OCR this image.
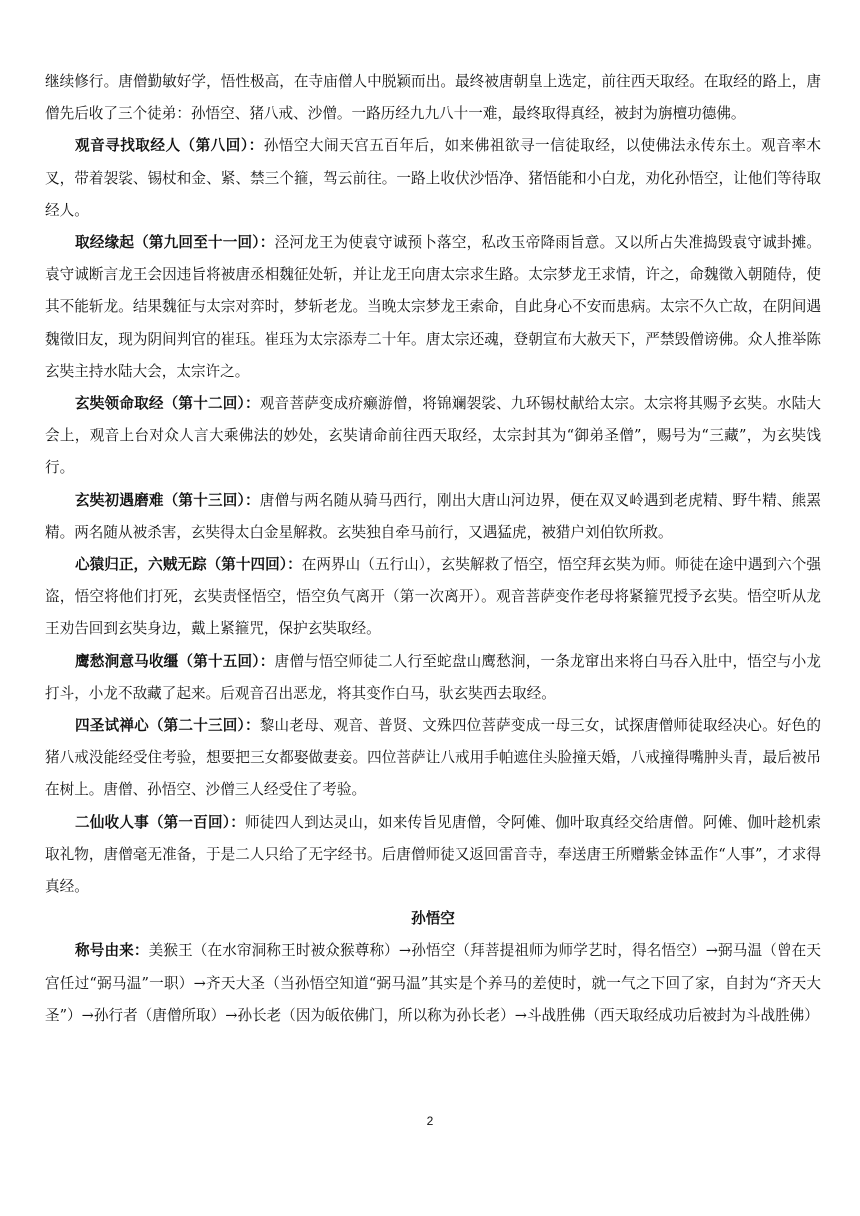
继续修行。唐僧勤敏好学，悟性极高，在寺庙僧人中脱颖而出。最终被唐朝皇上选定，前往西天取经。在取经的路上，唐僧先后收了三个徒弟：孙悟空、猪八戒、沙僧。一路历经九九八十一难，最终取得真经，被封为旃檀功德佛。

观音寻找取经人（第八回）：孙悟空大闹天宫五百年后，如来佛祖欲寻一信徒取经，以使佛法永传东土。观音率木叉，带着袈裟、锡杖和金、紧、禁三个箍，驾云前往。一路上收伏沙悟净、猪悟能和小白龙，劝化孙悟空，让他们等待取经人。

取经缘起（第九回至十一回）：泾河龙王为使袁守诚预卜落空，私改玉帝降雨旨意。又以所占失准捣毁袁守诚卦摊。袁守诚断言龙王会因违旨将被唐丞相魏征处斩，并让龙王向唐太宗求生路。太宗梦龙王求情，许之，命魏徵入朝随侍，使其不能斩龙。结果魏征与太宗对弈时，梦斩老龙。当晚太宗梦龙王索命，自此身心不安而患病。太宗不久亡故，在阴间遇魏徵旧友，现为阴间判官的崔珏。崔珏为太宗添寿二十年。唐太宗还魂，登朝宣布大赦天下，严禁毁僧谤佛。众人推举陈玄奘主持水陆大会，太宗许之。

玄奘领命取经（第十二回）：观音菩萨变成疥癞游僧，将锦斓袈裟、九环锡杖献给太宗。太宗将其赐予玄奘。水陆大会上，观音上台对众人言大乘佛法的妙处，玄奘请命前往西天取经，太宗封其为“御弟圣僧”，赐号为“三藏”，为玄奘饯行。

玄奘初遇磨难（第十三回）：唐僧与两名随从骑马西行，刚出大唐山河边界，便在双叉岭遇到老虎精、野牛精、熊罴精。两名随从被杀害，玄奘得太白金星解救。玄奘独自牵马前行，又遇猛虎，被猎户刘伯钦所救。

心猿归正，六贼无踪（第十四回）：在两界山（五行山），玄奘解救了悟空，悟空拜玄奘为师。师徒在途中遇到六个强盗，悟空将他们打死，玄奘责怪悟空，悟空负气离开（第一次离开）。观音菩萨变作老母将紧箍咒授予玄奘。悟空听从龙王劝告回到玄奘身边，戴上紧箍咒，保护玄奘取经。

鹰愁涧意马收缰（第十五回）：唐僧与悟空师徒二人行至蛇盘山鹰愁涧，一条龙窜出来将白马吞入肚中，悟空与小龙打斗，小龙不敌藏了起来。后观音召出恶龙，将其变作白马，驮玄奘西去取经。

四圣试禅心（第二十三回）：黎山老母、观音、普贤、文殊四位菩萨变成一母三女，试探唐僧师徒取经决心。好色的猪八戒没能经受住考验，想要把三女都娶做妻妾。四位菩萨让八戒用手帕遮住头脸撞天婚，八戒撞得嘴肿头青，最后被吊在树上。唐僧、孙悟空、沙僧三人经受住了考验。

二仙收人事（第一百回）：师徒四人到达灵山，如来传旨见唐僧，令阿傩、伽叶取真经交给唐僧。阿傩、伽叶趁机索取礼物，唐僧毫无准备，于是二人只给了无字经书。后唐僧师徒又返回雷音寺，奉送唐王所赠紫金钵盂作“人事”，才求得真经。

孙悟空

称号由来：美猴王（在水帘洞称王时被众猴尊称）→孙悟空（拜菩提祖师为师学艺时，得名悟空）→弼马温（曾在天宫任过“弼马温”一职）→齐天大圣（当孙悟空知道“弼马温”其实是个养马的差使时，就一气之下回了家，自封为“齐天大圣”）→孙行者（唐僧所取）→孙长老（因为皈依佛门，所以称为孙长老）→斗战胜佛（西天取经成功后被封为斗战胜佛）

2
